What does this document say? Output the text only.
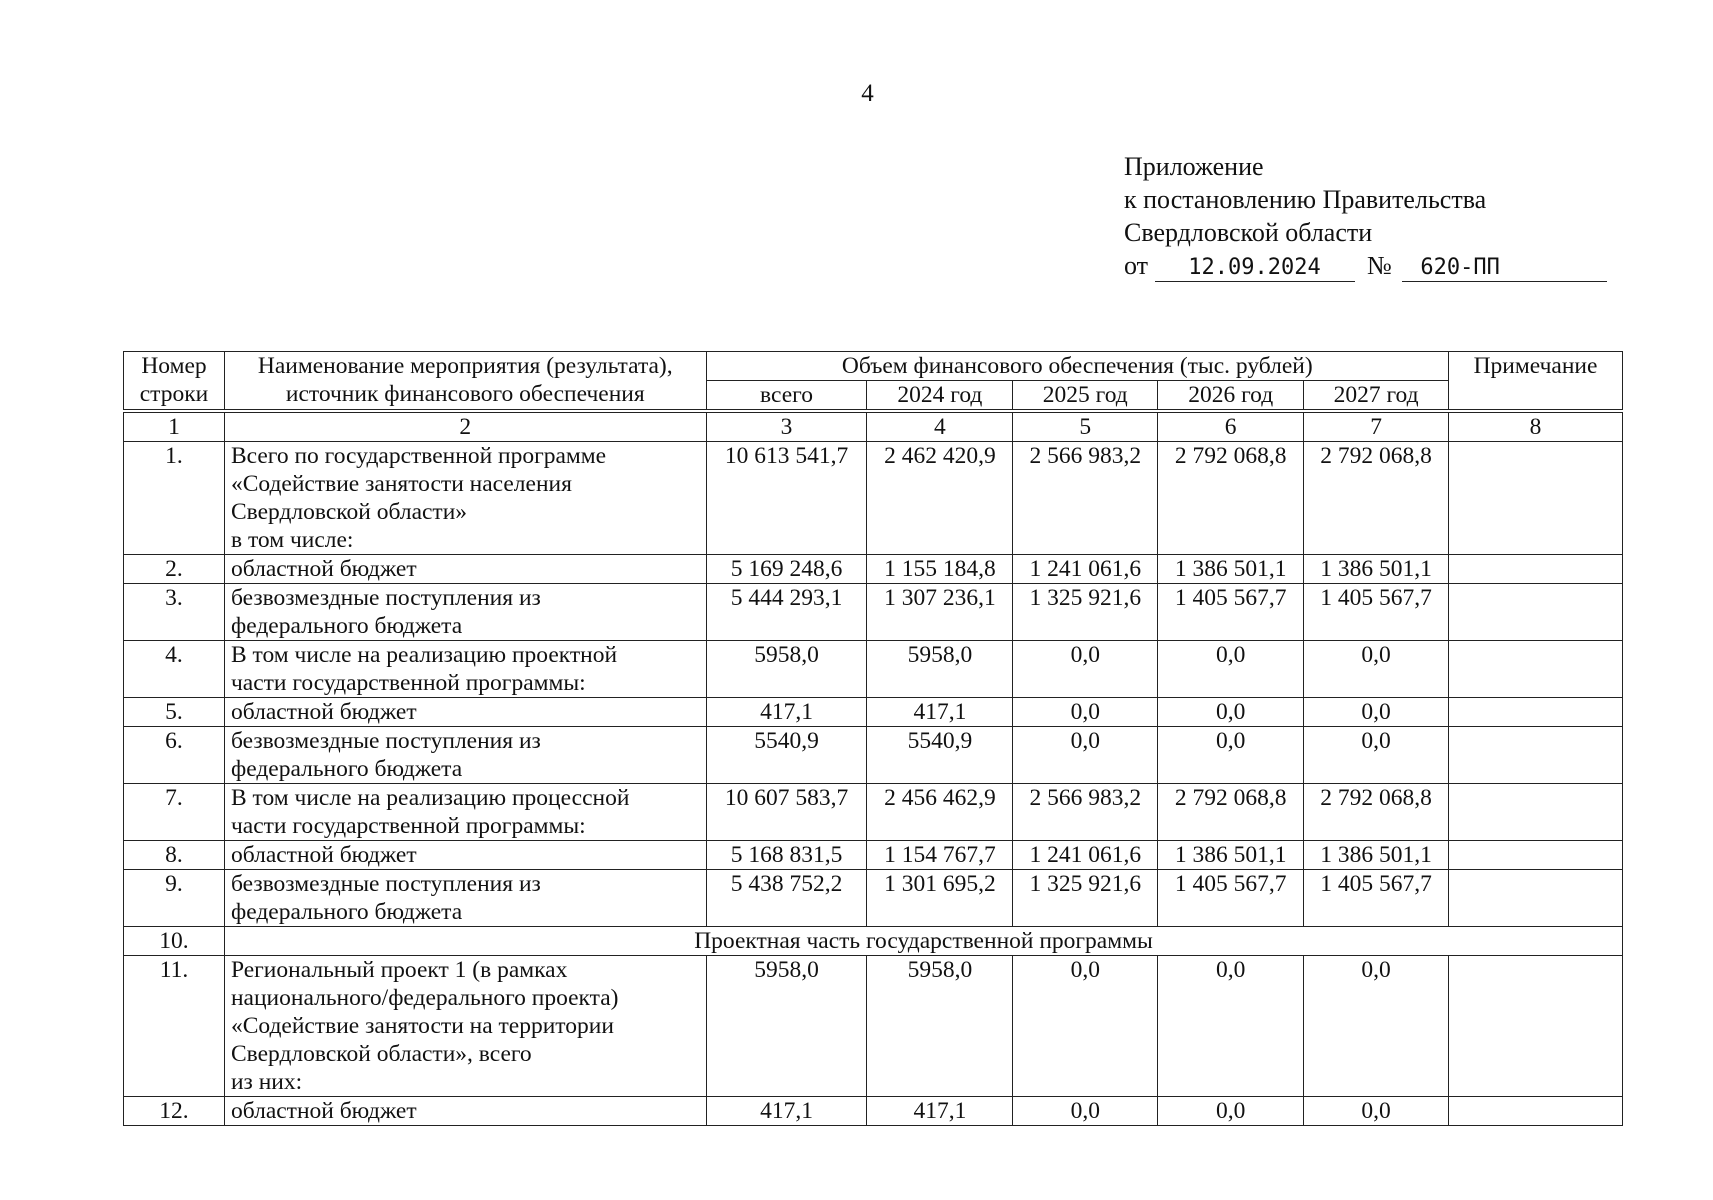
4
Приложение
к постановлению Правительства
Свердловской области
от 12.09.2024 № 620-ПП
Номер
строки	Наименование мероприятия (результата),
источник финансового обеспечения	Объем финансового обеспечения (тыс. рублей)					Примечание
		всего	2024 год	2025 год	2026 год	2027 год	
1	2	3	4	5	6	7	8
1.	Всего по государственной программе
«Содействие занятости населения
Свердловской области»
в том числе:	10 613 541,7	2 462 420,9	2 566 983,2	2 792 068,8	2 792 068,8	
2.	областной бюджет	5 169 248,6	1 155 184,8	1 241 061,6	1 386 501,1	1 386 501,1	
3.	безвозмездные поступления из
федерального бюджета	5 444 293,1	1 307 236,1	1 325 921,6	1 405 567,7	1 405 567,7	
4.	В том числе на реализацию проектной
части государственной программы:	5958,0	5958,0	0,0	0,0	0,0	
5.	областной бюджет	417,1	417,1	0,0	0,0	0,0	
6.	безвозмездные поступления из
федерального бюджета	5540,9	5540,9	0,0	0,0	0,0	
7.	В том числе на реализацию процессной
части государственной программы:	10 607 583,7	2 456 462,9	2 566 983,2	2 792 068,8	2 792 068,8	
8.	областной бюджет	5 168 831,5	1 154 767,7	1 241 061,6	1 386 501,1	1 386 501,1	
9.	безвозмездные поступления из
федерального бюджета	5 438 752,2	1 301 695,2	1 325 921,6	1 405 567,7	1 405 567,7	
10.	Проектная часть государственной программы						
11.	Региональный проект 1 (в рамках
национального/федерального проекта)
«Содействие занятости на территории
Свердловской области», всего
из них:	5958,0	5958,0	0,0	0,0	0,0	
12.	областной бюджет	417,1	417,1	0,0	0,0	0,0	
